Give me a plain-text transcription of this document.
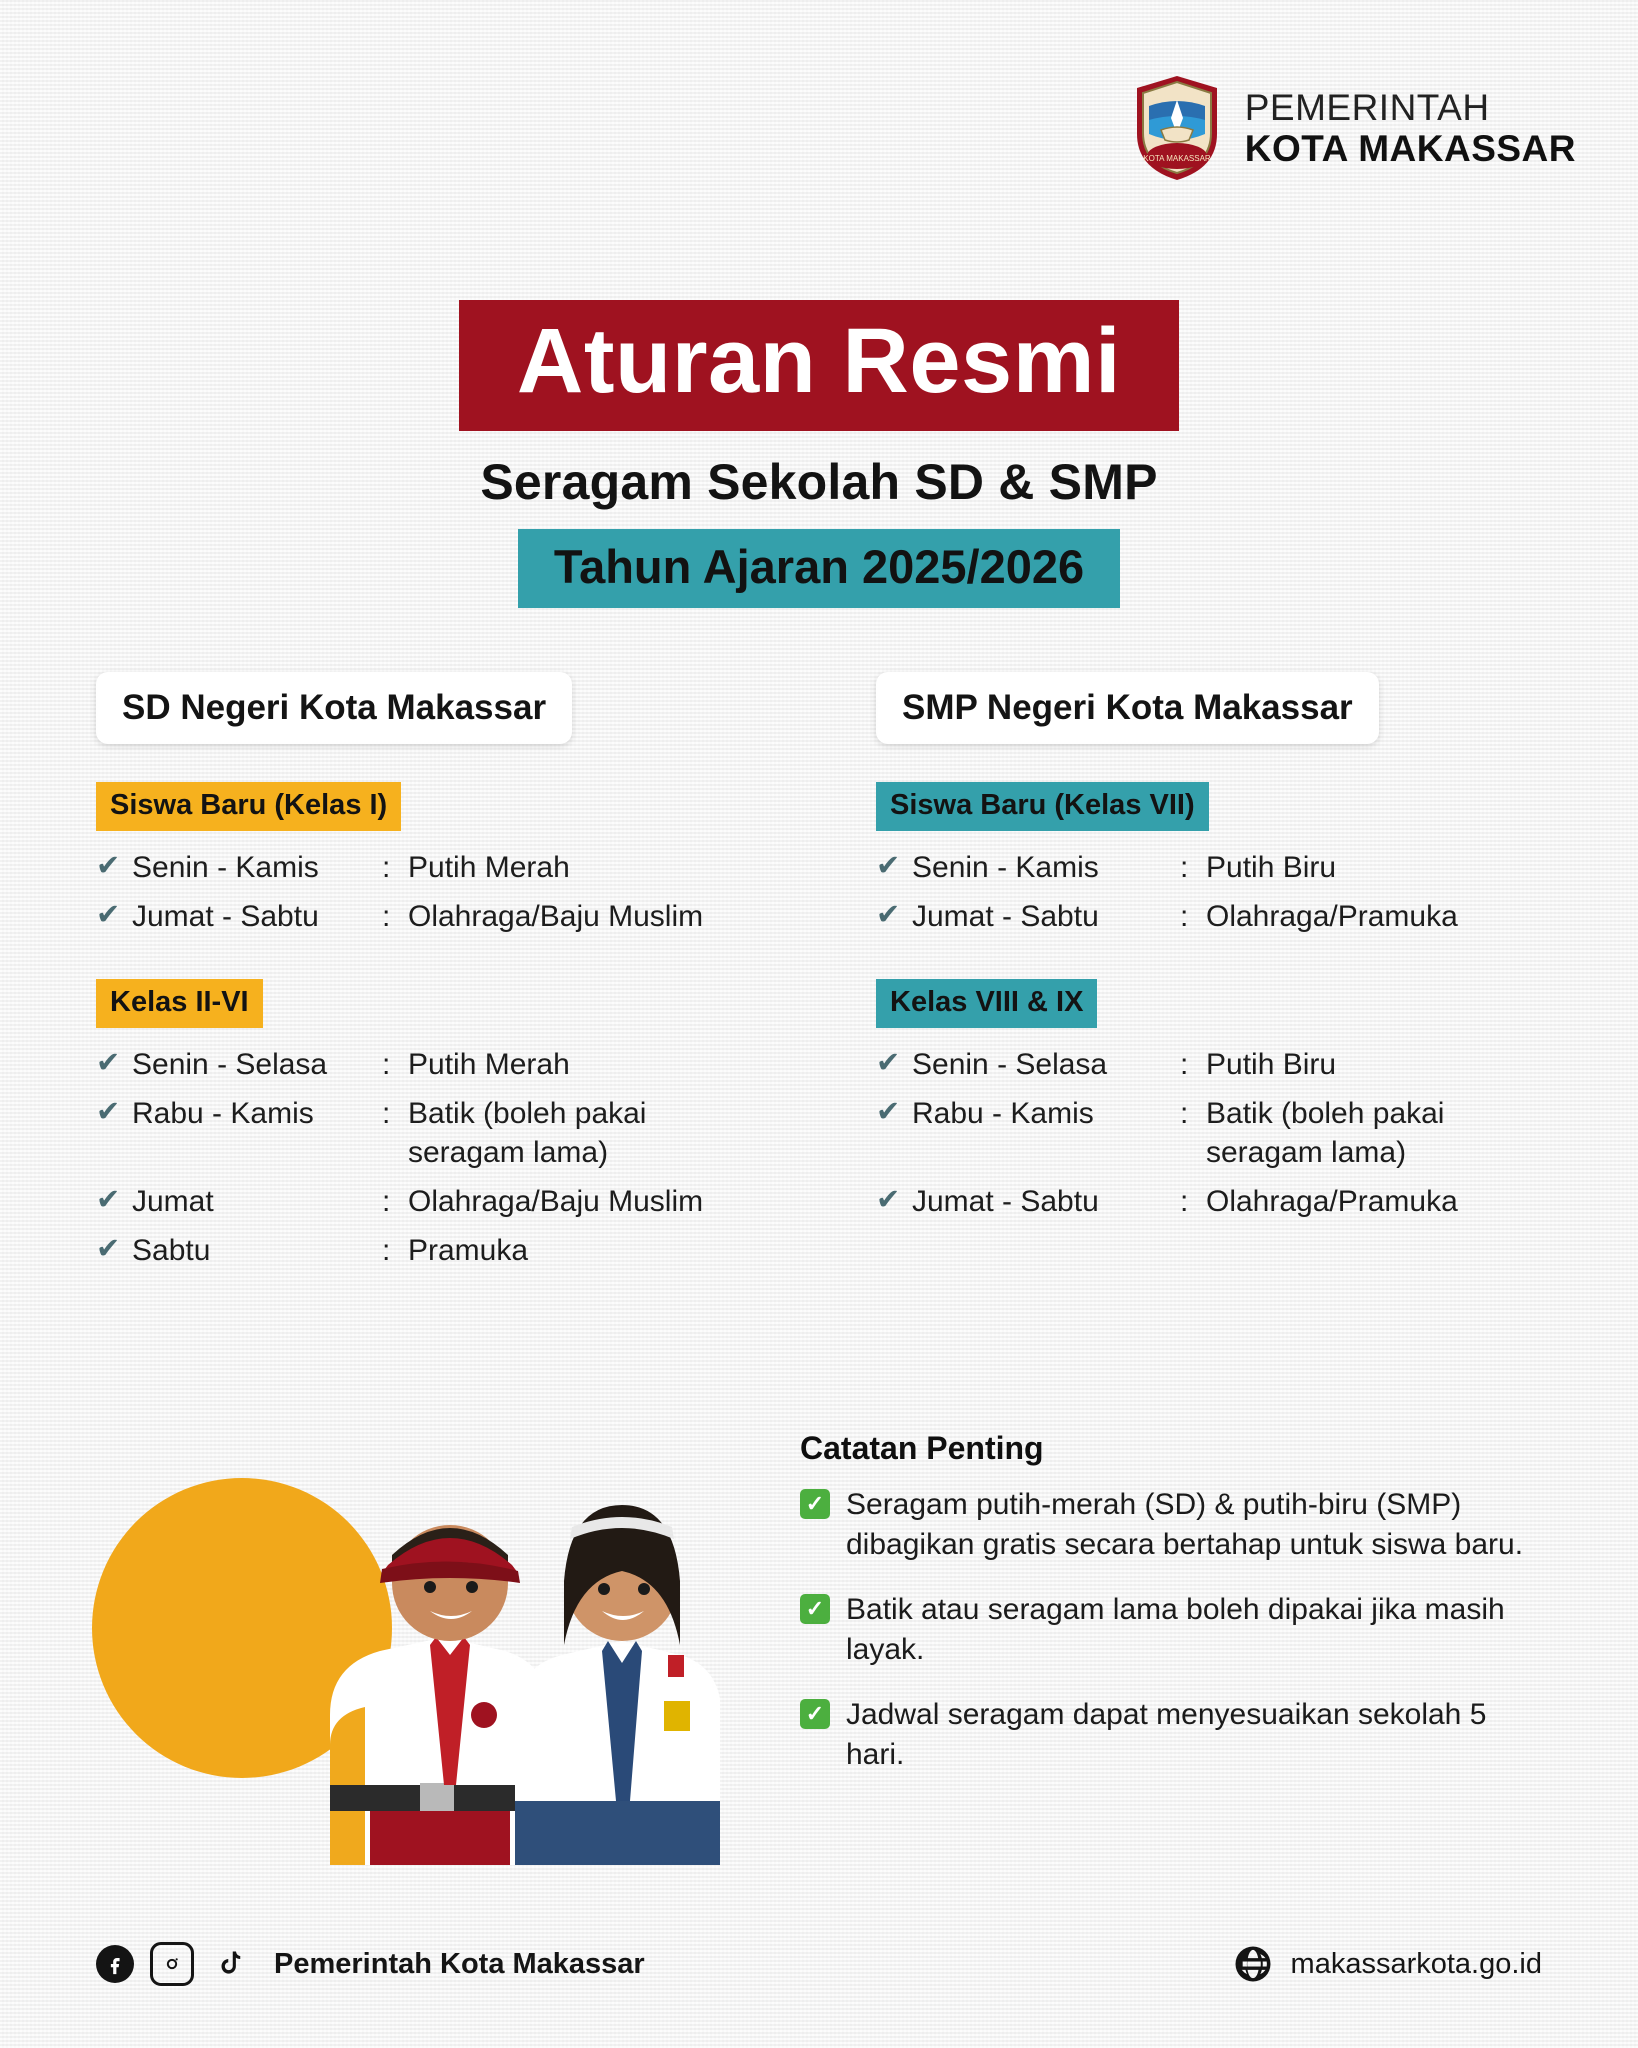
KOTA MAKASSAR
PEMERINTAH
KOTA MAKASSAR
Aturan Resmi
Seragam Sekolah SD & SMP
Tahun Ajaran 2025/2026
SD Negeri Kota Makassar
Siswa Baru (Kelas I)
✔ Senin - Kamis	: Putih Merah
✔ Jumat - Sabtu	: Olahraga/Baju Muslim
Kelas II-VI
✔ Senin - Selasa	: Putih Merah
✔ Rabu - Kamis	: Batik (boleh pakai seragam lama)
✔ Jumat	: Olahraga/Baju Muslim
✔ Sabtu	: Pramuka
SMP Negeri Kota Makassar
Siswa Baru (Kelas VII)
✔ Senin - Kamis	: Putih Biru
✔ Jumat - Sabtu	: Olahraga/Pramuka
Kelas VIII & IX
✔ Senin - Selasa	: Putih Biru
✔ Rabu - Kamis	: Batik (boleh pakai seragam lama)
✔ Jumat - Sabtu	: Olahraga/Pramuka
Catatan Penting
✓ Seragam putih-merah (SD) & putih-biru (SMP) dibagikan gratis secara bertahap untuk siswa baru.
✓ Batik atau seragam lama boleh dipakai jika masih layak.
✓ Jadwal seragam dapat menyesuaikan sekolah 5 hari.
Pemerintah Kota Makassar	makassarkota.go.id
